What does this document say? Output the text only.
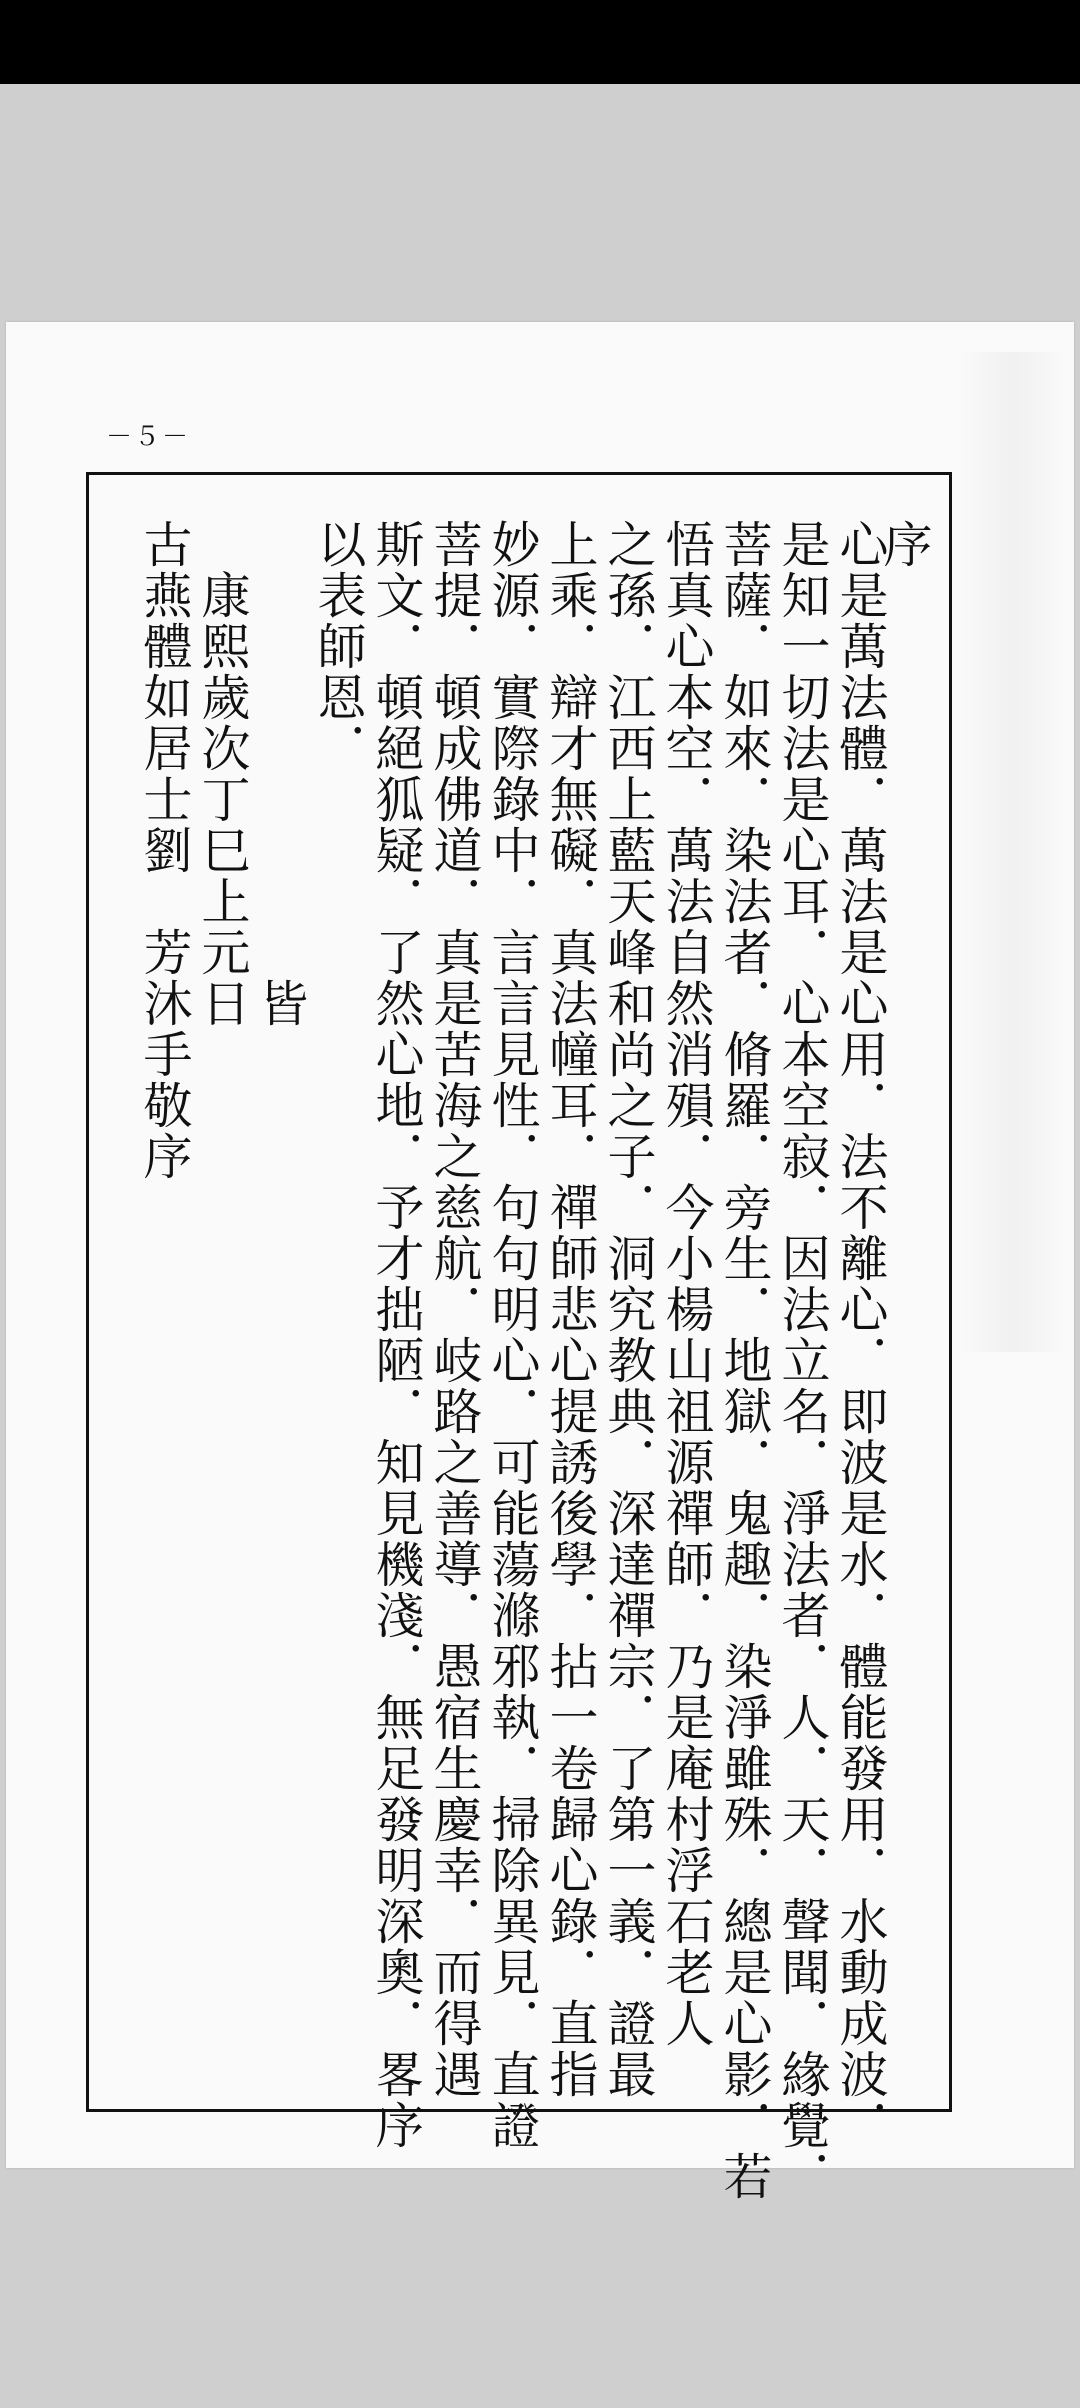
－５－
序
心是萬法體．萬法是心用．法不離心．即波是水．體能發用．水動成波．
是知一切法是心耳．心本空寂．因法立名．淨法者．人．天．聲聞．緣覺．
菩薩．如來．染法者．脩羅．旁生．地獄．鬼趣．染淨雖殊．總是心影．若
悟真心本空．萬法自然消殞．今小楊山祖源禪師．乃是庵村浮石老人
之孫．江西上藍天峰和尚之子．洞究教典．深達禪宗．了第一義．證最
上乘．辯才無礙．真法幢耳．禪師悲心提誘後學．拈一卷歸心錄．直指
妙源．實際錄中．言言見性．句句明心．可能蕩滌邪執．掃除異見．直證
菩提．頓成佛道．真是苦海之慈航．岐路之善導．愚宿生慶幸．而得遇
斯文．頓絕狐疑．了然心地．予才拙陋．知見機淺．無足發明深奧．畧序
以表師恩．
　　　　　　　　　皆
　康熙歲次丁巳上元日
古燕體如居士劉　芳沐手敬序
